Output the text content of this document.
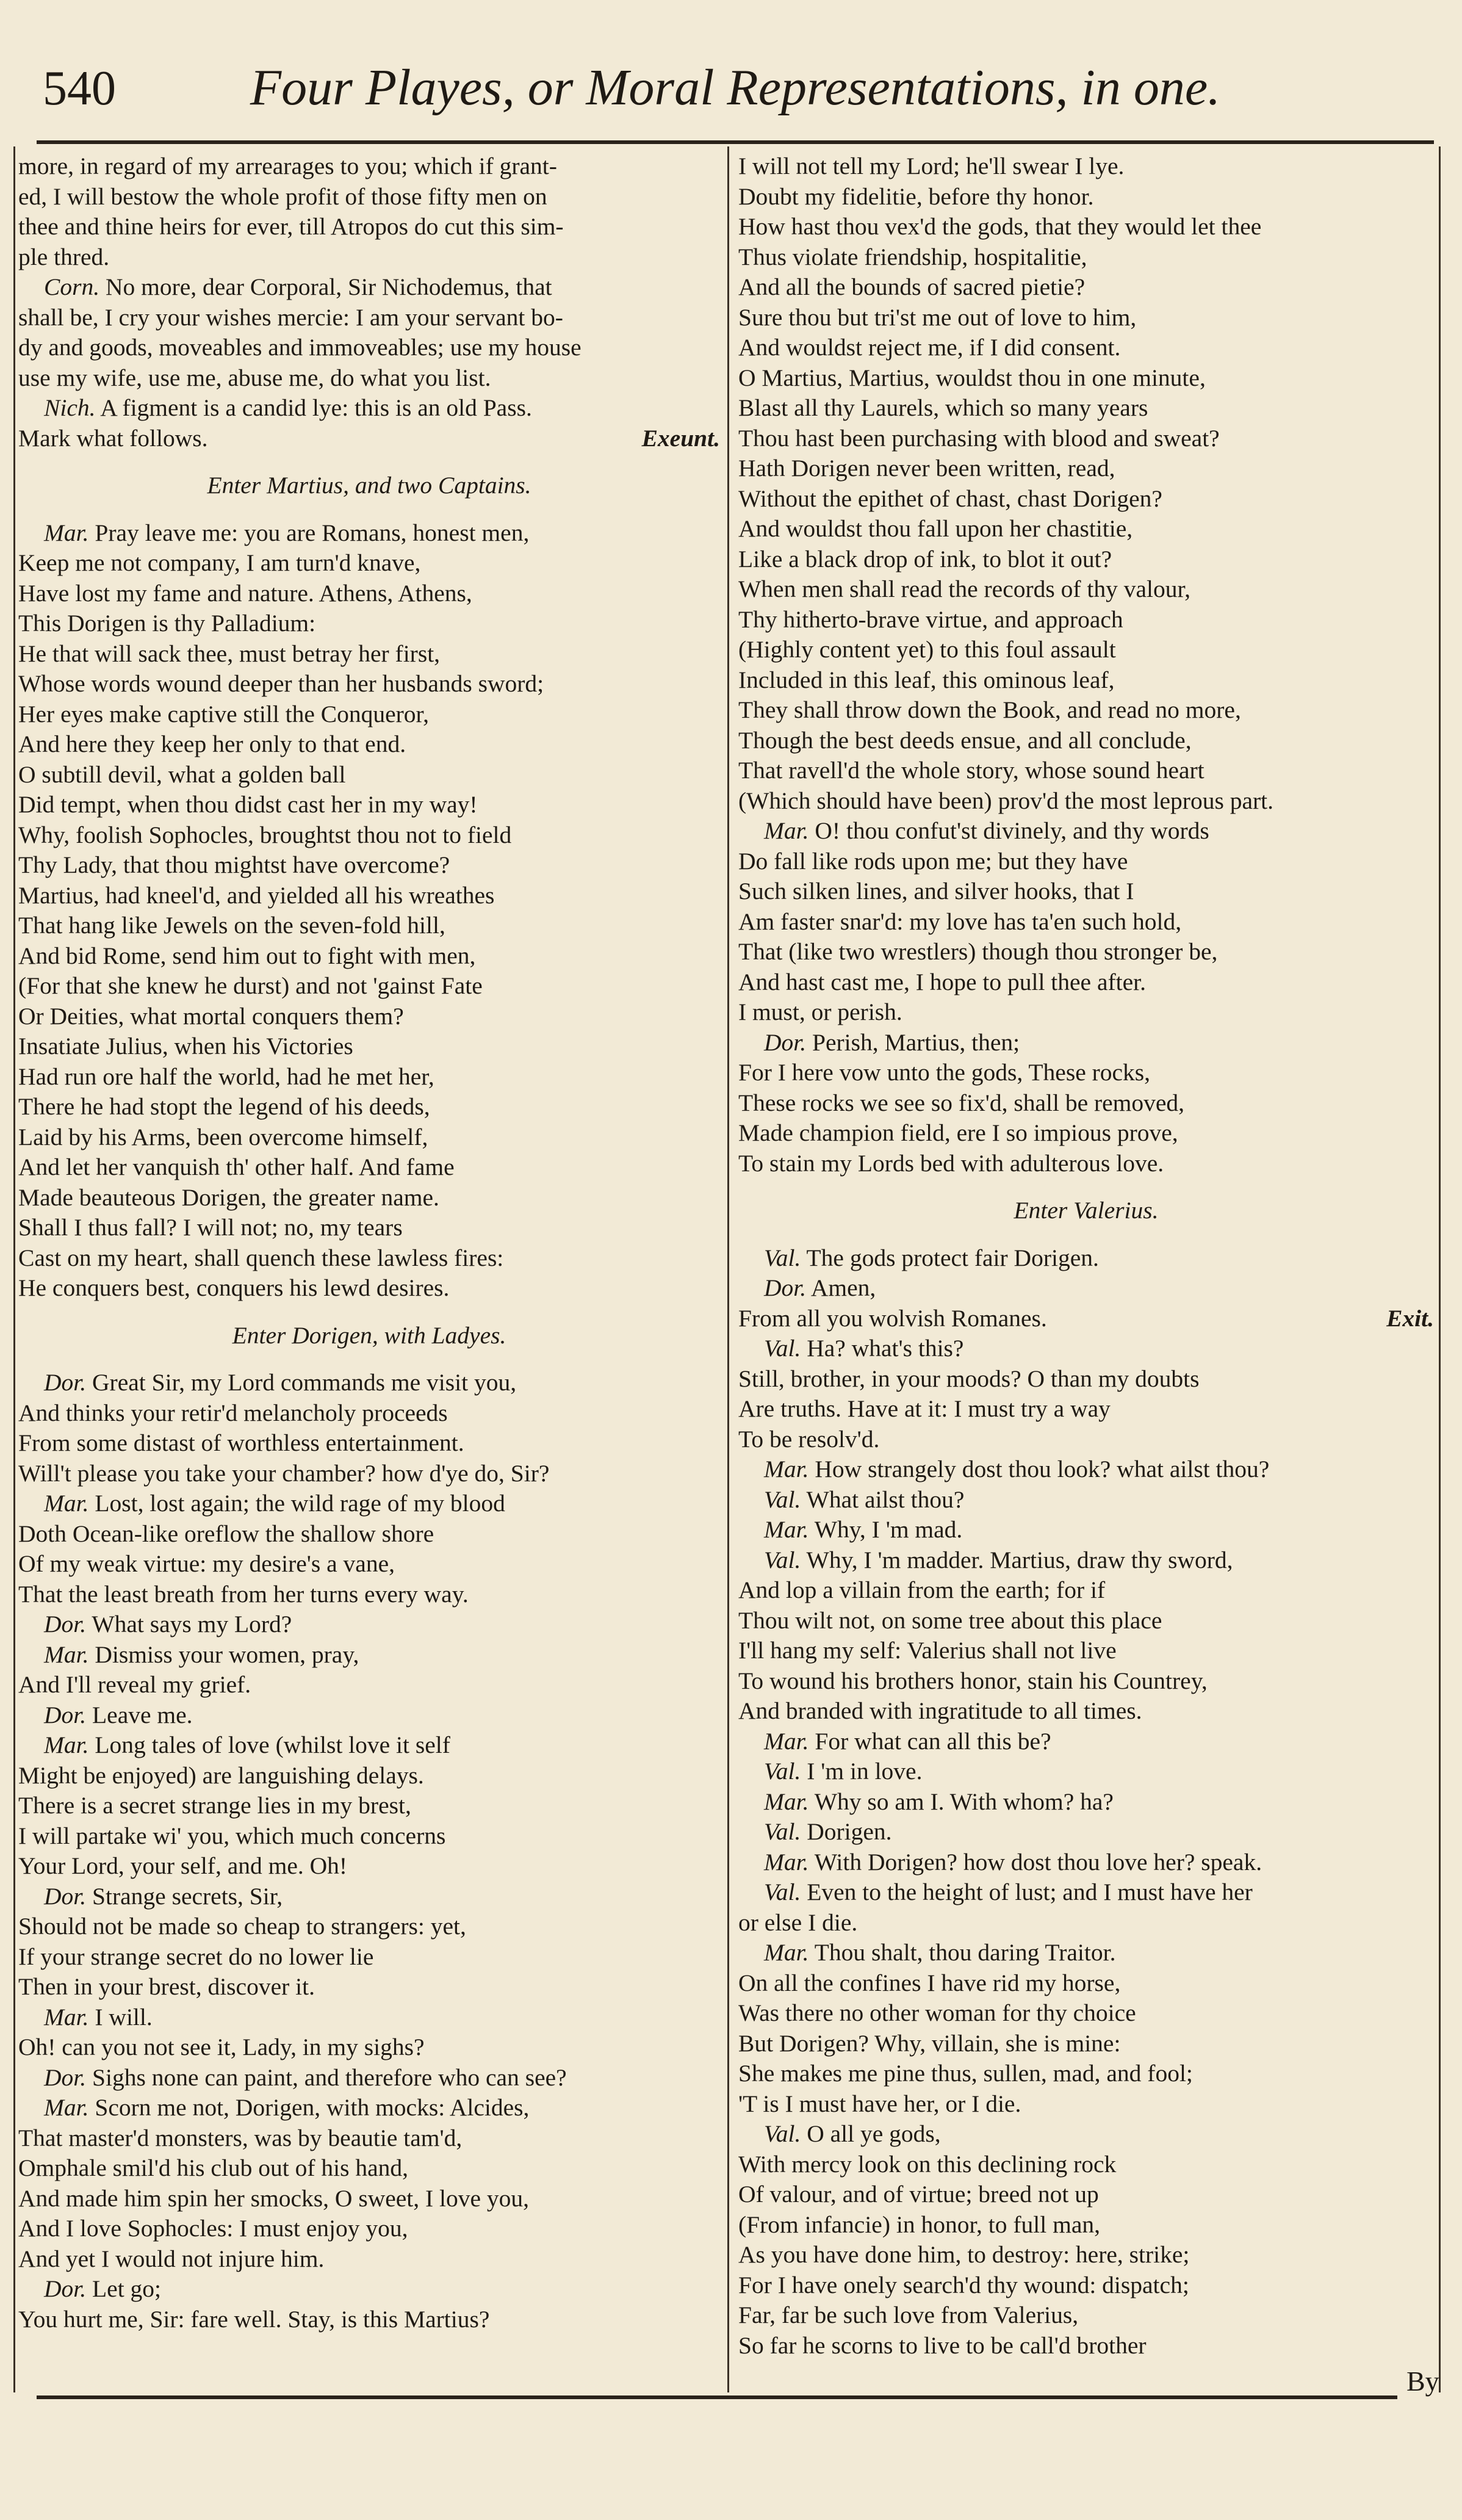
540	Four Playes, or Moral Representations, in one.
more, in regard of my arrearages to you; which if grant-
ed, I will bestow the whole profit of those fifty men on
thee and thine heirs for ever, till Atropos do cut this sim-
ple thred.
Corn. No more, dear Corporal, Sir Nichodemus, that
shall be, I cry your wishes mercie: I am your servant bo-
dy and goods, moveables and immoveables; use my house
use my wife, use me, abuse me, do what you list.
Nich. A figment is a candid lye: this is an old Pass.
Mark what follows.	Exeunt.
Enter Martius, and two Captains.
Mar. Pray leave me: you are Romans, honest men,
Keep me not company, I am turn'd knave,
Have lost my fame and nature. Athens, Athens,
This Dorigen is thy Palladium:
He that will sack thee, must betray her first,
Whose words wound deeper than her husbands sword;
Her eyes make captive still the Conqueror,
And here they keep her only to that end.
O subtill devil, what a golden ball
Did tempt, when thou didst cast her in my way!
Why, foolish Sophocles, broughtst thou not to field
Thy Lady, that thou mightst have overcome?
Martius, had kneel'd, and yielded all his wreathes
That hang like Jewels on the seven-fold hill,
And bid Rome, send him out to fight with men,
(For that she knew he durst) and not 'gainst Fate
Or Deities, what mortal conquers them?
Insatiate Julius, when his Victories
Had run ore half the world, had he met her,
There he had stopt the legend of his deeds,
Laid by his Arms, been overcome himself,
And let her vanquish th' other half. And fame
Made beauteous Dorigen, the greater name.
Shall I thus fall? I will not; no, my tears
Cast on my heart, shall quench these lawless fires:
He conquers best, conquers his lewd desires.
Enter Dorigen, with Ladyes.
Dor. Great Sir, my Lord commands me visit you,
And thinks your retir'd melancholy proceeds
From some distast of worthless entertainment.
Will't please you take your chamber? how d'ye do, Sir?
Mar. Lost, lost again; the wild rage of my blood
Doth Ocean-like oreflow the shallow shore
Of my weak virtue: my desire's a vane,
That the least breath from her turns every way.
Dor. What says my Lord?
Mar. Dismiss your women, pray,
And I'll reveal my grief.
Dor. Leave me.
Mar. Long tales of love (whilst love it self
Might be enjoyed) are languishing delays.
There is a secret strange lies in my brest,
I will partake wi' you, which much concerns
Your Lord, your self, and me. Oh!
Dor. Strange secrets, Sir,
Should not be made so cheap to strangers: yet,
If your strange secret do no lower lie
Then in your brest, discover it.
Mar. I will.
Oh! can you not see it, Lady, in my sighs?
Dor. Sighs none can paint, and therefore who can see?
Mar. Scorn me not, Dorigen, with mocks: Alcides,
That master'd monsters, was by beautie tam'd,
Omphale smil'd his club out of his hand,
And made him spin her smocks, O sweet, I love you,
And I love Sophocles: I must enjoy you,
And yet I would not injure him.
Dor. Let go;
You hurt me, Sir: fare well. Stay, is this Martius?
I will not tell my Lord; he'll swear I lye.
Doubt my fidelitie, before thy honor.
How hast thou vex'd the gods, that they would let thee
Thus violate friendship, hospitalitie,
And all the bounds of sacred pietie?
Sure thou but tri'st me out of love to him,
And wouldst reject me, if I did consent.
O Martius, Martius, wouldst thou in one minute,
Blast all thy Laurels, which so many years
Thou hast been purchasing with blood and sweat?
Hath Dorigen never been written, read,
Without the epithet of chast, chast Dorigen?
And wouldst thou fall upon her chastitie,
Like a black drop of ink, to blot it out?
When men shall read the records of thy valour,
Thy hitherto-brave virtue, and approach
(Highly content yet) to this foul assault
Included in this leaf, this ominous leaf,
They shall throw down the Book, and read no more,
Though the best deeds ensue, and all conclude,
That ravell'd the whole story, whose sound heart
(Which should have been) prov'd the most leprous part.
Mar. O! thou confut'st divinely, and thy words
Do fall like rods upon me; but they have
Such silken lines, and silver hooks, that I
Am faster snar'd: my love has ta'en such hold,
That (like two wrestlers) though thou stronger be,
And hast cast me, I hope to pull thee after.
I must, or perish.
Dor. Perish, Martius, then;
For I here vow unto the gods, These rocks,
These rocks we see so fix'd, shall be removed,
Made champion field, ere I so impious prove,
To stain my Lords bed with adulterous love.
Enter Valerius.
Val. The gods protect fair Dorigen.
Dor. Amen,
From all you wolvish Romanes.	Exit.
Val. Ha? what's this?
Still, brother, in your moods? O than my doubts
Are truths. Have at it: I must try a way
To be resolv'd.
Mar. How strangely dost thou look? what ailst thou?
Val. What ailst thou?
Mar. Why, I 'm mad.
Val. Why, I 'm madder. Martius, draw thy sword,
And lop a villain from the earth; for if
Thou wilt not, on some tree about this place
I'll hang my self: Valerius shall not live
To wound his brothers honor, stain his Countrey,
And branded with ingratitude to all times.
Mar. For what can all this be?
Val. I 'm in love.
Mar. Why so am I. With whom? ha?
Val. Dorigen.
Mar. With Dorigen? how dost thou love her? speak.
Val. Even to the height of lust; and I must have her
or else I die.
Mar. Thou shalt, thou daring Traitor.
On all the confines I have rid my horse,
Was there no other woman for thy choice
But Dorigen? Why, villain, she is mine:
She makes me pine thus, sullen, mad, and fool;
'T is I must have her, or I die.
Val. O all ye gods,
With mercy look on this declining rock
Of valour, and of virtue; breed not up
(From infancie) in honor, to full man,
As you have done him, to destroy: here, strike;
For I have onely search'd thy wound: dispatch;
Far, far be such love from Valerius,
So far he scorns to live to be call'd brother
By
